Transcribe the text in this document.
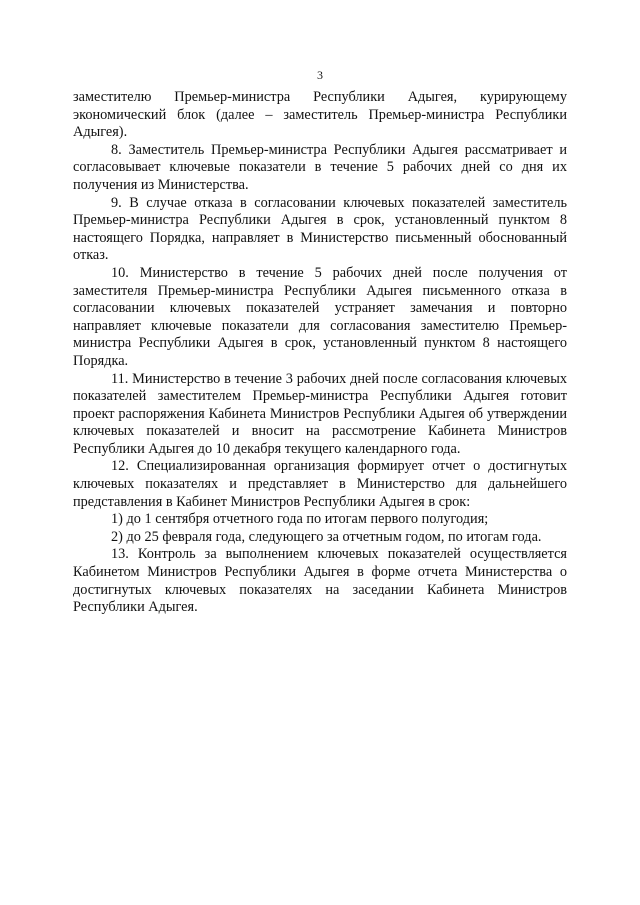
3

заместителю Премьер-министра Республики Адыгея, курирующему экономический блок (далее – заместитель Премьер-министра Республики Адыгея).

8. Заместитель Премьер-министра Республики Адыгея рассматривает и согласовывает ключевые показатели в течение 5 рабочих дней со дня их получения из Министерства.

9. В случае отказа в согласовании ключевых показателей заместитель Премьер-министра Республики Адыгея в срок, установленный пунктом 8 настоящего Порядка, направляет в Министерство письменный обоснованный отказ.

10. Министерство в течение 5 рабочих дней после получения от заместителя Премьер-министра Республики Адыгея письменного отказа в согласовании ключевых показателей устраняет замечания и повторно направляет ключевые показатели для согласования заместителю Премьер-министра Республики Адыгея в срок, установленный пунктом 8 настоящего Порядка.

11. Министерство в течение 3 рабочих дней после согласования ключевых показателей заместителем Премьер-министра Республики Адыгея готовит проект распоряжения Кабинета Министров Республики Адыгея об утверждении ключевых показателей и вносит на рассмотрение Кабинета Министров Республики Адыгея до 10 декабря текущего календарного года.

12. Специализированная организация формирует отчет о достигнутых ключевых показателях и представляет в Министерство для дальнейшего представления в Кабинет Министров Республики Адыгея в срок:

1) до 1 сентября отчетного года по итогам первого полугодия;

2) до 25 февраля года, следующего за отчетным годом, по итогам года.

13. Контроль за выполнением ключевых показателей осуществляется Кабинетом Министров Республики Адыгея в форме отчета Министерства о достигнутых ключевых показателях на заседании Кабинета Министров Республики Адыгея.
